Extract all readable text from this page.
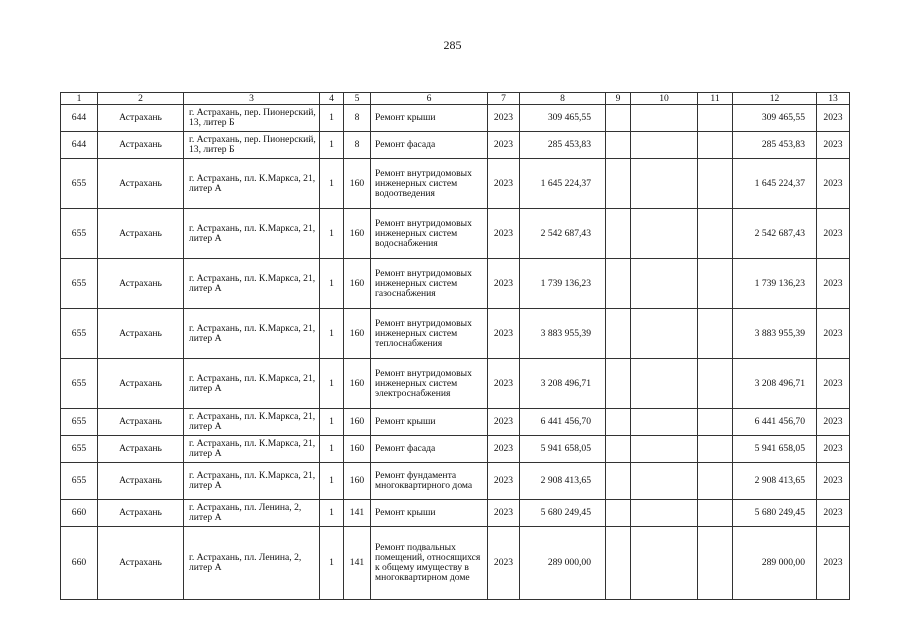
285
1	2	3	4	5	6	7	8	9	10	11	12	13
644	Астрахань	г. Астрахань, пер. Пионерский, 13, литер Б	1	8	Ремонт крыши	2023	309 465,55				309 465,55	2023
644	Астрахань	г. Астрахань, пер. Пионерский, 13, литер Б	1	8	Ремонт фасада	2023	285 453,83				285 453,83	2023
655	Астрахань	г. Астрахань, пл. К.Маркса, 21, литер А	1	160	Ремонт внутридомовых инженерных систем водоотведения	2023	1 645 224,37				1 645 224,37	2023
655	Астрахань	г. Астрахань, пл. К.Маркса, 21, литер А	1	160	Ремонт внутридомовых инженерных систем водоснабжения	2023	2 542 687,43				2 542 687,43	2023
655	Астрахань	г. Астрахань, пл. К.Маркса, 21, литер А	1	160	Ремонт внутридомовых инженерных систем газоснабжения	2023	1 739 136,23				1 739 136,23	2023
655	Астрахань	г. Астрахань, пл. К.Маркса, 21, литер А	1	160	Ремонт внутридомовых инженерных систем теплоснабжения	2023	3 883 955,39				3 883 955,39	2023
655	Астрахань	г. Астрахань, пл. К.Маркса, 21, литер А	1	160	Ремонт внутридомовых инженерных систем электроснабжения	2023	3 208 496,71				3 208 496,71	2023
655	Астрахань	г. Астрахань, пл. К.Маркса, 21, литер А	1	160	Ремонт крыши	2023	6 441 456,70				6 441 456,70	2023
655	Астрахань	г. Астрахань, пл. К.Маркса, 21, литер А	1	160	Ремонт фасада	2023	5 941 658,05				5 941 658,05	2023
655	Астрахань	г. Астрахань, пл. К.Маркса, 21, литер А	1	160	Ремонт фундамента многоквартирного дома	2023	2 908 413,65				2 908 413,65	2023
660	Астрахань	г. Астрахань, пл. Ленина, 2, литер А	1	141	Ремонт крыши	2023	5 680 249,45				5 680 249,45	2023
660	Астрахань	г. Астрахань, пл. Ленина, 2, литер А	1	141	Ремонт подвальных помещений, относящихся к общему имуществу в многоквартирном доме	2023	289 000,00				289 000,00	2023
